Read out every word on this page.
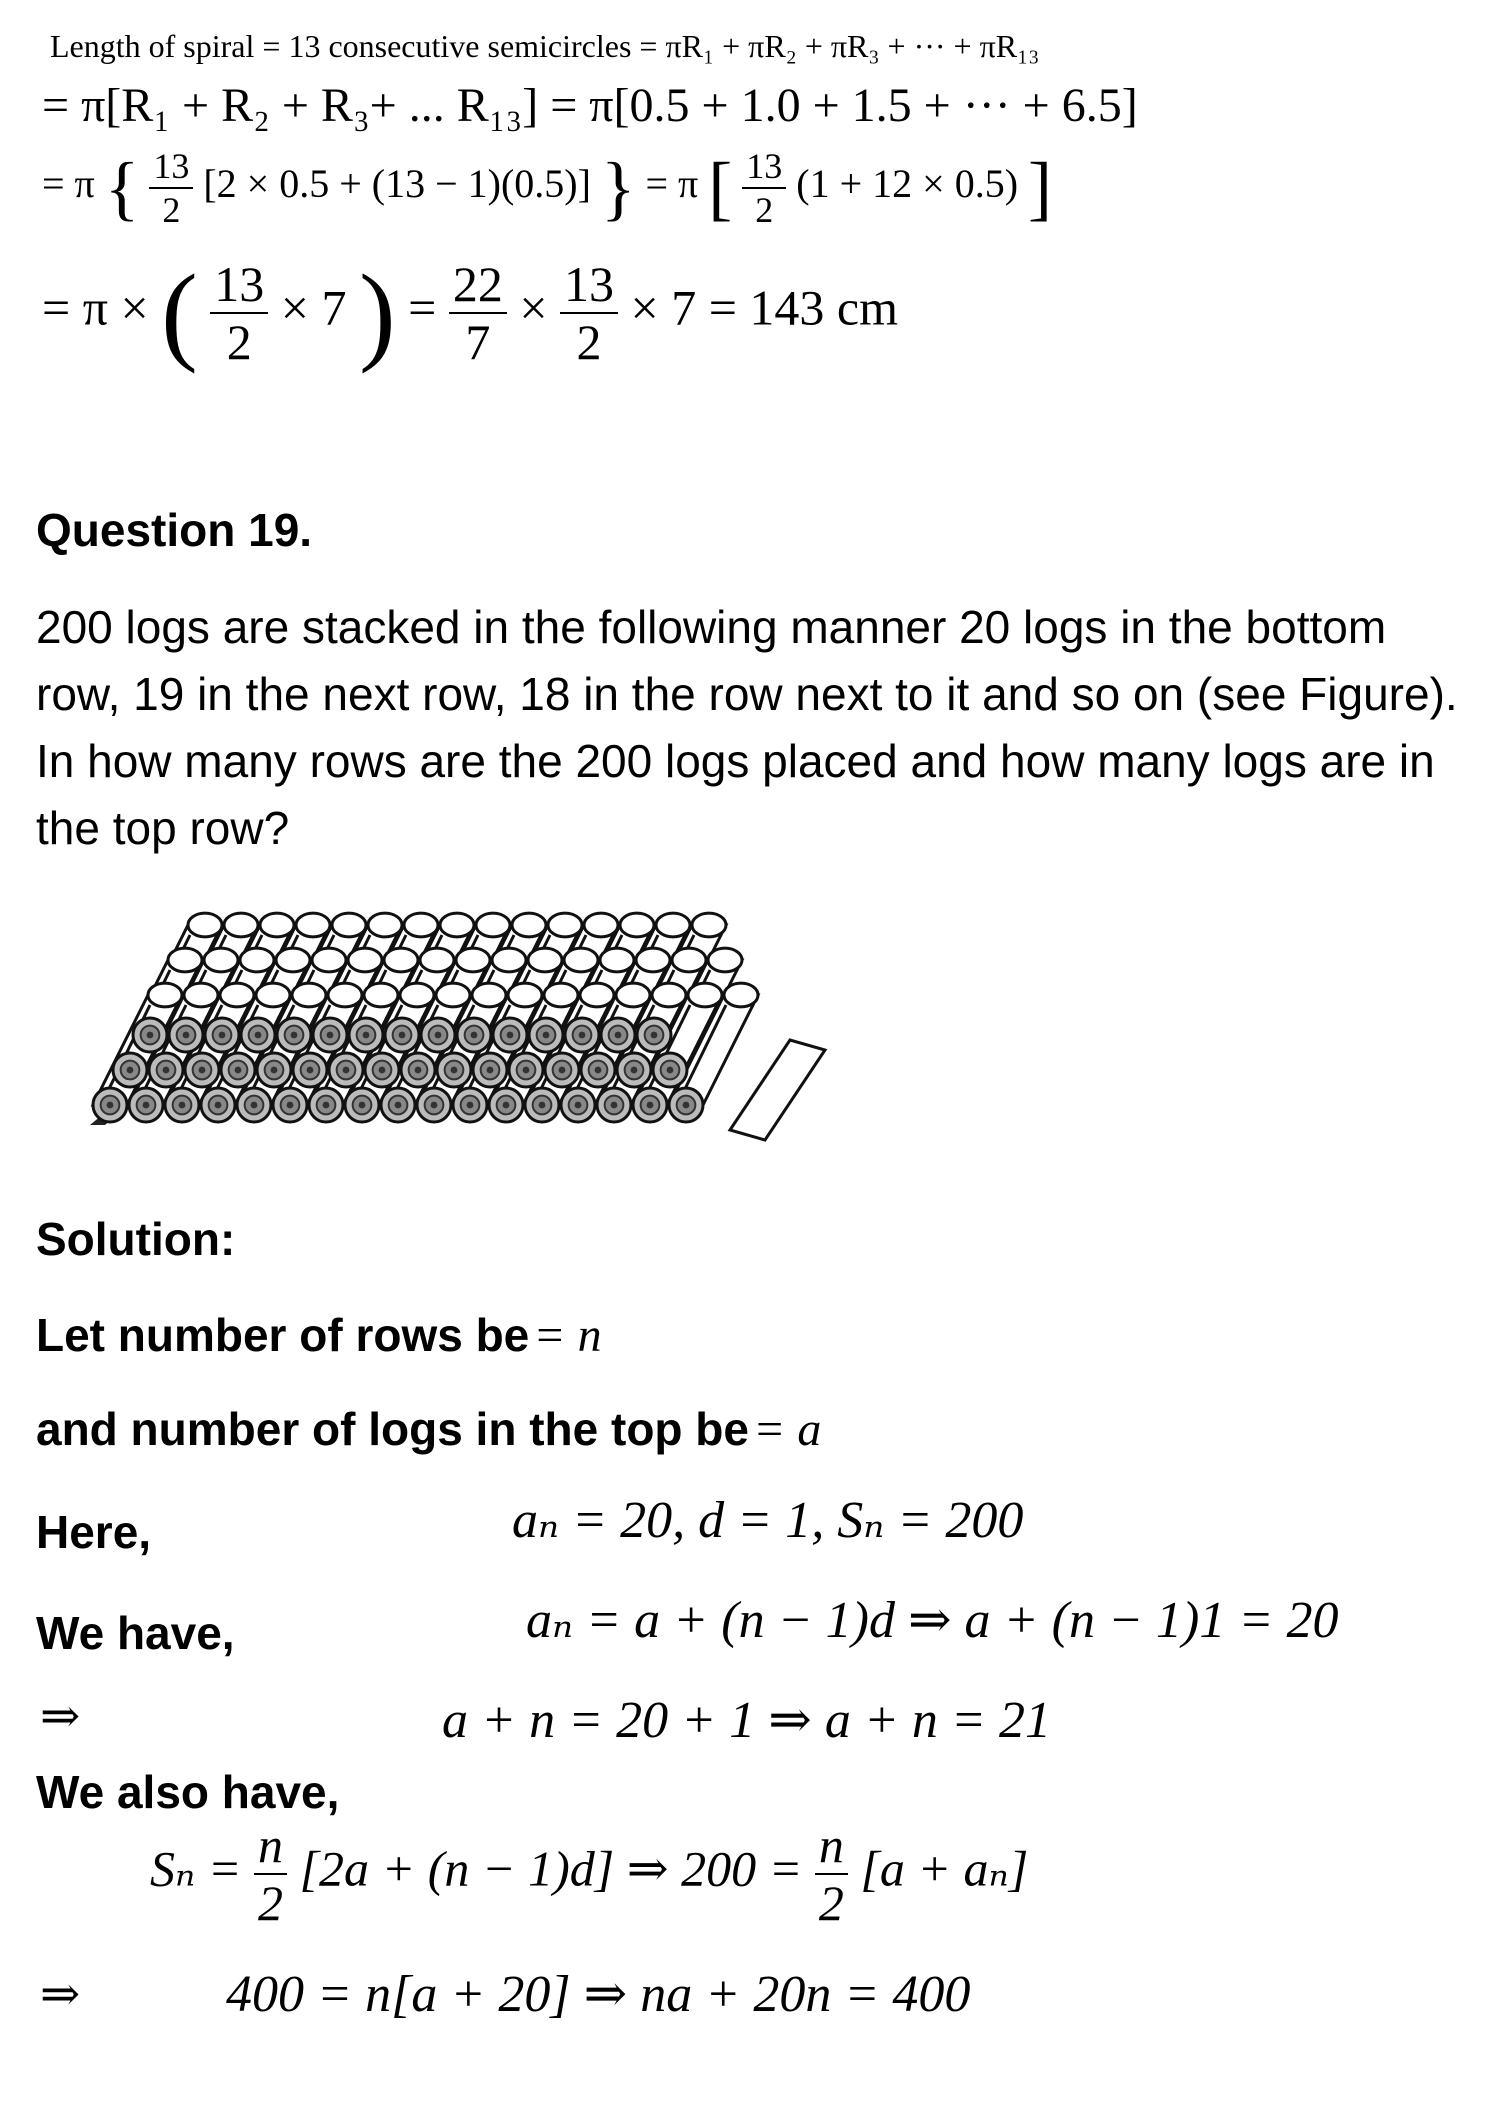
Length of spiral = 13 consecutive semicircles = πR₁ + πR₂ + πR₃ + ··· + πR₁₃
= π[R₁ + R₂ + R₃+ ... R₁₃] = π[0.5 + 1.0 + 1.5 + ··· + 6.5]
= π { $\frac{13}{2} [2 \times 0.5 + (13 - 1)(0.5)]$ } = π [ $\frac{13}{2} (1 + 12 \times 0.5)$ ]
= π × ( $\frac{13}{2} \times 7$ ) = $\frac{22}{7} \times \frac{13}{2} \times 7 = 143$ cm
Question 19.
200 logs are stacked in the following manner 20 logs in the bottom row, 19 in the next row, 18 in the row next to it and so on (see Figure). In how many rows are the 200 logs placed and how many logs are in the top row?
Solution:
Let number of rows be = n
and number of logs in the top be = a
Here,	aₙ = 20, d = 1, Sₙ = 200
We have,	aₙ = a + (n − 1)d ⇒ a + (n − 1)1 = 20
⇒	a + n = 20 + 1 ⇒ a + n = 21
We also have,
$S_n = \frac{n}{2} [2a + (n - 1)d]$ ⇒ $200 = \frac{n}{2} [a + a_n]$
⇒	400 = n[a + 20] ⇒ na + 20n = 400
